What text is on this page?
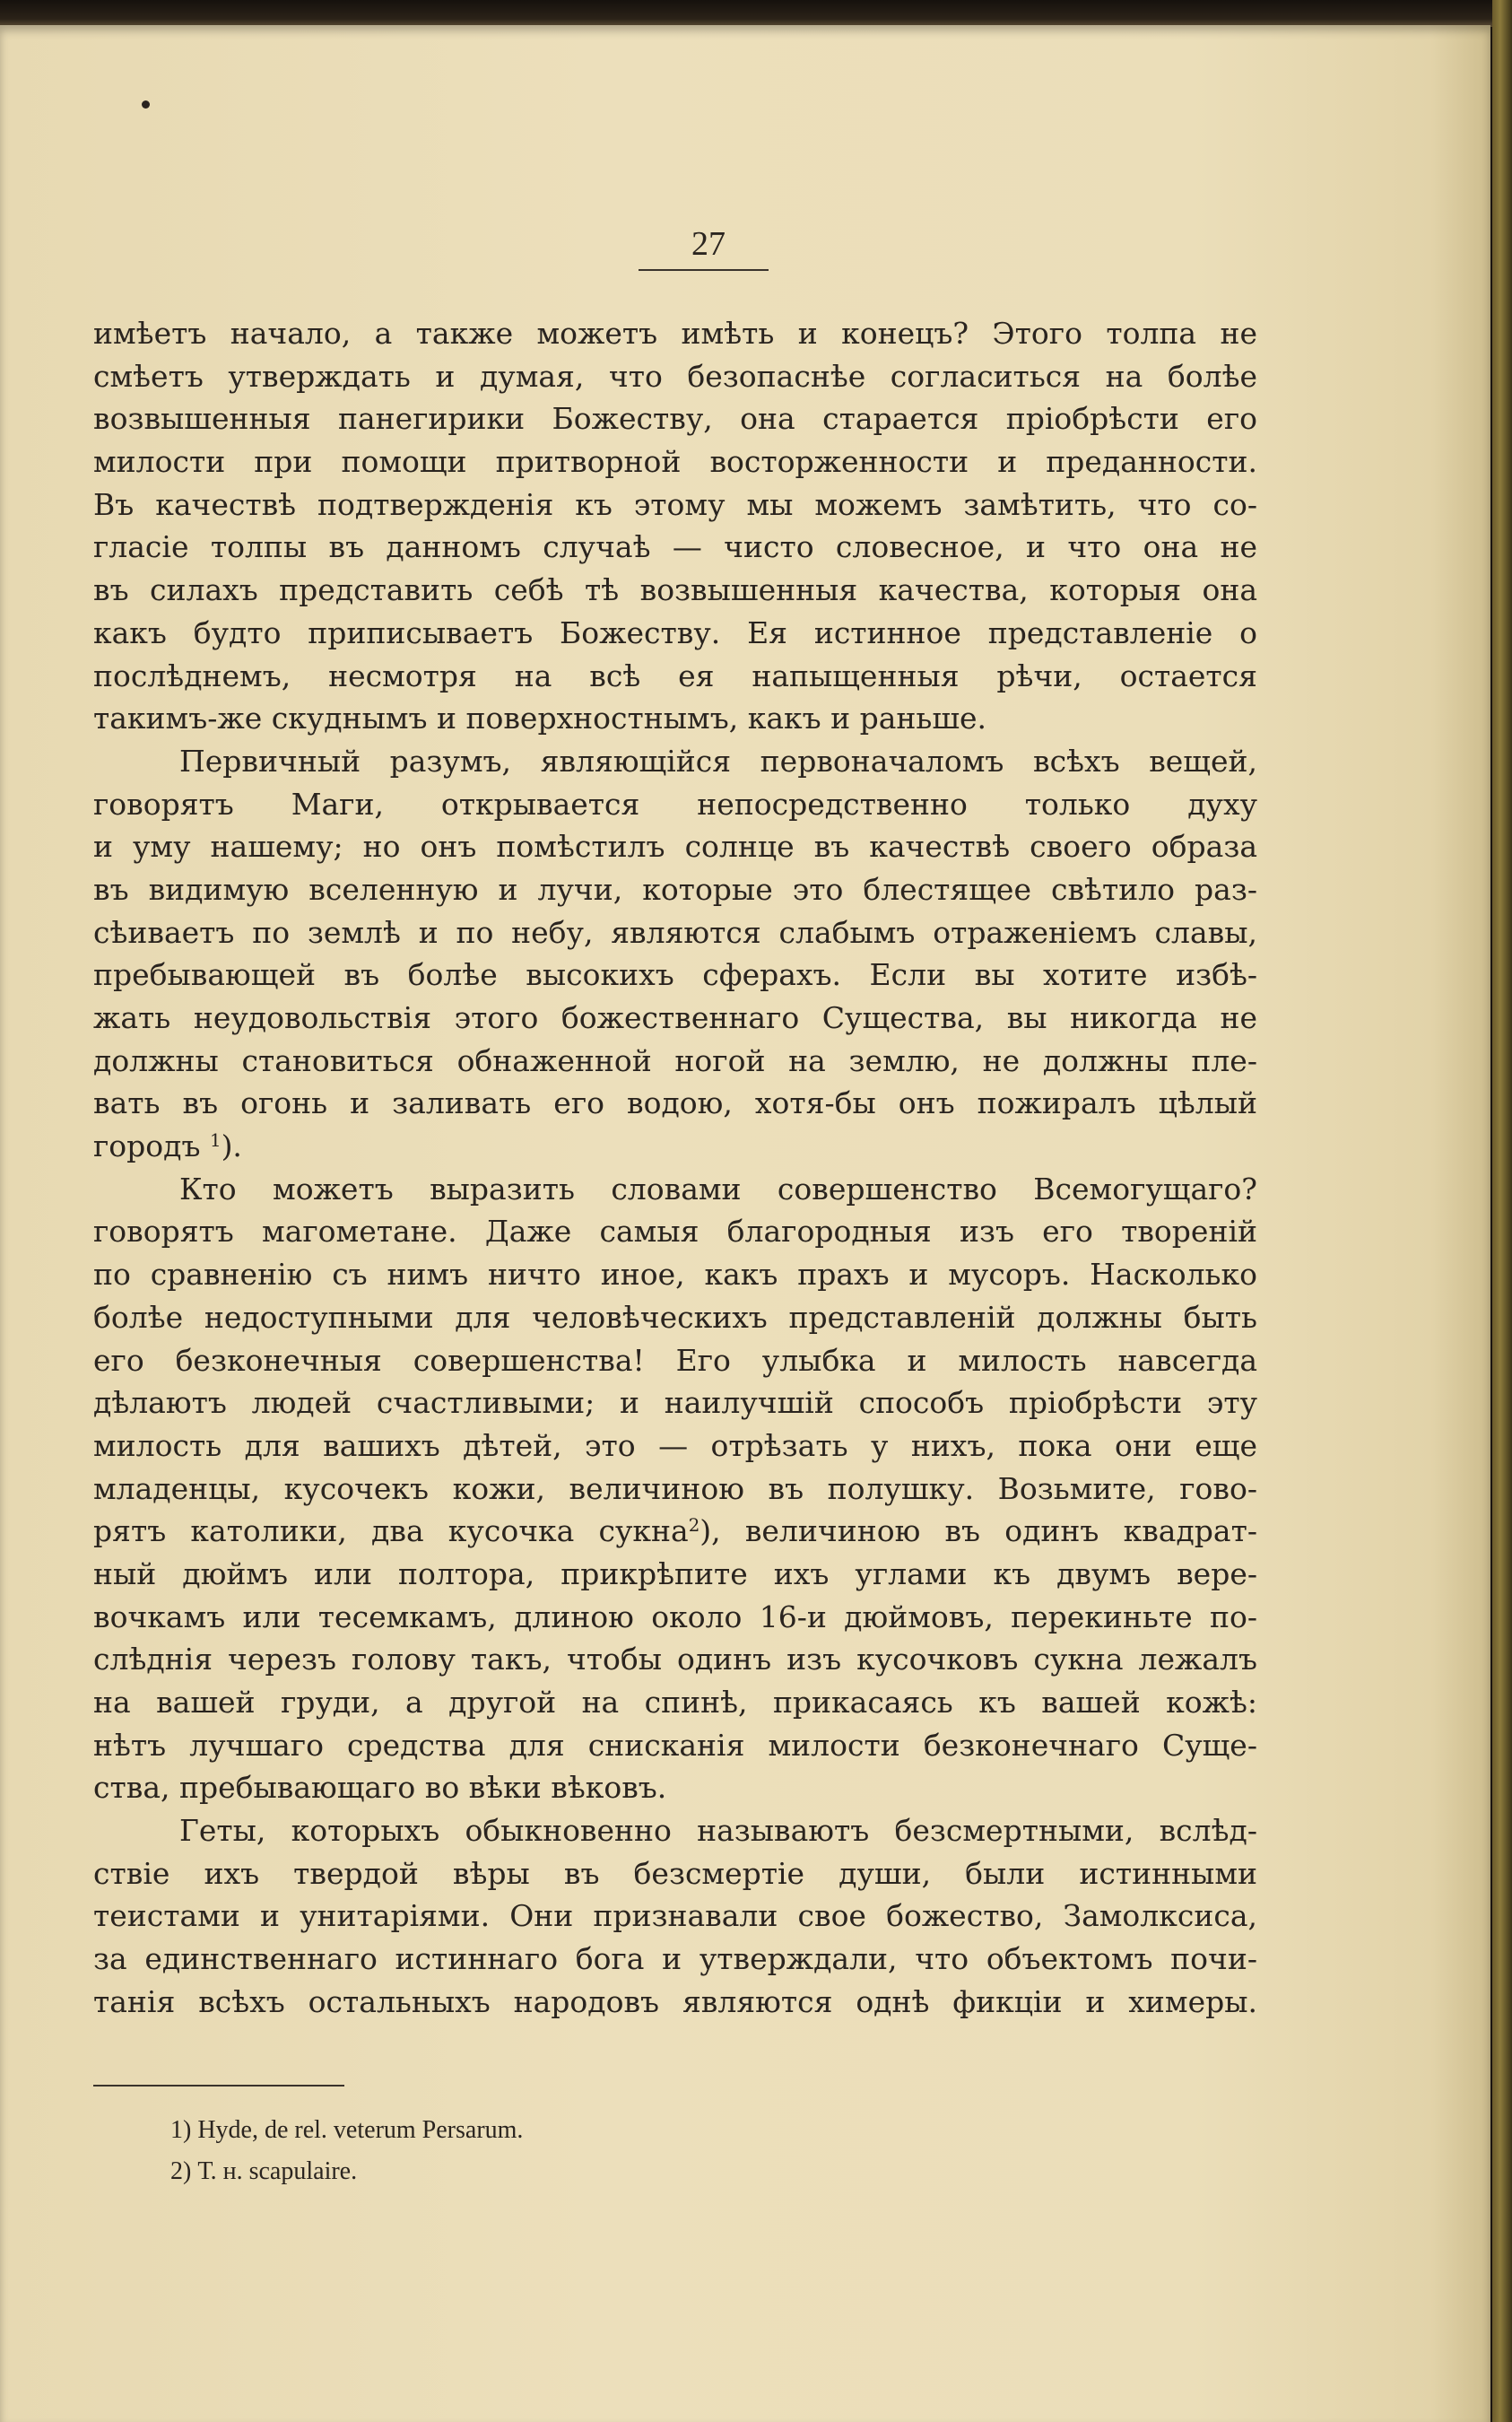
27
имѣетъ начало, а также можетъ имѣть и конецъ? Этого толпа не
смѣетъ утверждать и думая, что безопаснѣе согласиться на болѣе
возвышенныя панегирики Божеству, она старается пріобрѣсти его
милости при помощи притворной восторженности и преданности.
Въ качествѣ подтвержденія къ этому мы можемъ замѣтить, что со-
гласіе толпы въ данномъ случаѣ — чисто словесное, и что она не
въ силахъ представить себѣ тѣ возвышенныя качества, которыя она
какъ будто приписываетъ Божеству. Ея истинное представленіе о
послѣднемъ, несмотря на всѣ ея напыщенныя рѣчи, остается
такимъ-же скуднымъ и поверхностнымъ, какъ и раньше.
Первичный разумъ, являющійся первоначаломъ всѣхъ вещей,
говорятъ Маги, открывается непосредственно только духу
и уму нашему; но онъ помѣстилъ солнце въ качествѣ своего образа
въ видимую вселенную и лучи, которые это блестящее свѣтило раз-
сѣиваетъ по землѣ и по небу, являются слабымъ отраженіемъ славы,
пребывающей въ болѣе высокихъ сферахъ. Если вы хотите избѣ-
жать неудовольствія этого божественнаго Существа, вы никогда не
должны становиться обнаженной ногой на землю, не должны пле-
вать въ огонь и заливать его водою, хотя-бы онъ пожиралъ цѣлый
городъ $^1$).
Кто можетъ выразить словами совершенство Всемогущаго?
говорятъ магометане. Даже самыя благородныя изъ его твореній
по сравненію съ нимъ ничто иное, какъ прахъ и мусоръ. Насколько
болѣе недоступными для человѣческихъ представленій должны быть
его безконечныя совершенства! Его улыбка и милость навсегда
дѣлаютъ людей счастливыми; и наилучшій способъ пріобрѣсти эту
милость для вашихъ дѣтей, это — отрѣзать у нихъ, пока они еще
младенцы, кусочекъ кожи, величиною въ полушку. Возьмите, гово-
рятъ католики, два кусочка сукна$^2$), величиною въ одинъ квадрат-
ный дюймъ или полтора, прикрѣпите ихъ углами къ двумъ вере-
вочкамъ или тесемкамъ, длиною около 16-и дюймовъ, перекиньте по-
слѣднія черезъ голову такъ, чтобы одинъ изъ кусочковъ сукна лежалъ
на вашей груди, а другой на спинѣ, прикасаясь къ вашей кожѣ:
нѣтъ лучшаго средства для снисканія милости безконечнаго Суще-
ства, пребывающаго во вѣки вѣковъ.
Геты, которыхъ обыкновенно называютъ безсмертными, вслѣд-
ствіе ихъ твердой вѣры въ безсмертіе души, были истинными
теистами и унитаріями. Они признавали свое божество, Замолксиса,
за единственнаго истиннаго бога и утверждали, что объектомъ почи-
танія всѣхъ остальныхъ народовъ являются однѣ фикціи и химеры.
1) Hyde, de rel. veterum Persarum.
2) Т. н. scapulaire.
